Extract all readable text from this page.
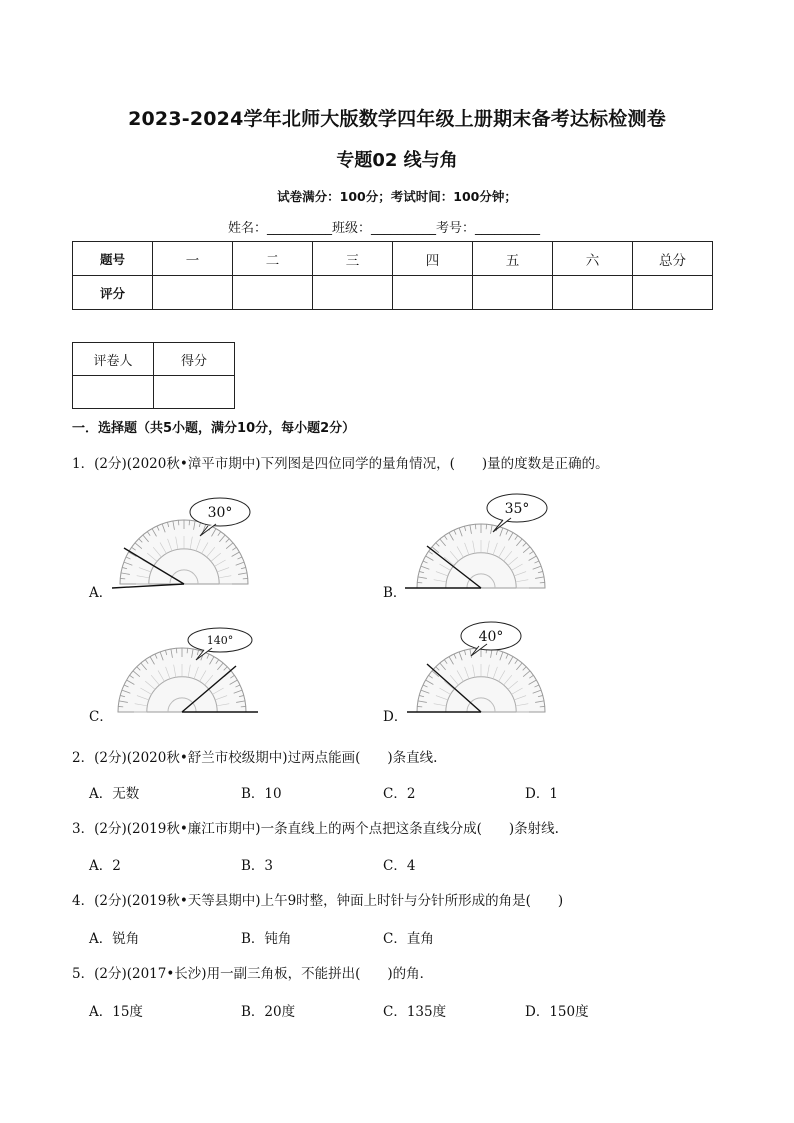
2023-2024学年北师大版数学四年级上册期末备考达标检测卷
专题02 线与角
试卷满分：100分；考试时间：100分钟；
姓名：__________班级：__________考号：__________
题号	一	二	三	四	五	六	总分
评分							
评卷人	得分

一．选择题（共5小题，满分10分，每小题2分）
1．(2分)(2020秋•漳平市期中)下列图是四位同学的量角情况，(　　)量的度数是正确的。
A．	B．
C．	D．
30°	35°
140°	40°
2．(2分)(2020秋•舒兰市校级期中)过两点能画(　　)条直线.
A．无数	B．10	C．2	D．1
3．(2分)(2019秋•廉江市期中)一条直线上的两个点把这条直线分成(　　)条射线.
A．2	B．3	C．4
4．(2分)(2019秋•天等县期中)上午9时整，钟面上时针与分针所形成的角是(　　)
A．锐角	B．钝角	C．直角
5．(2分)(2017•长沙)用一副三角板，不能拼出(　　)的角．
A．15度	B．20度	C．135度	D．150度
